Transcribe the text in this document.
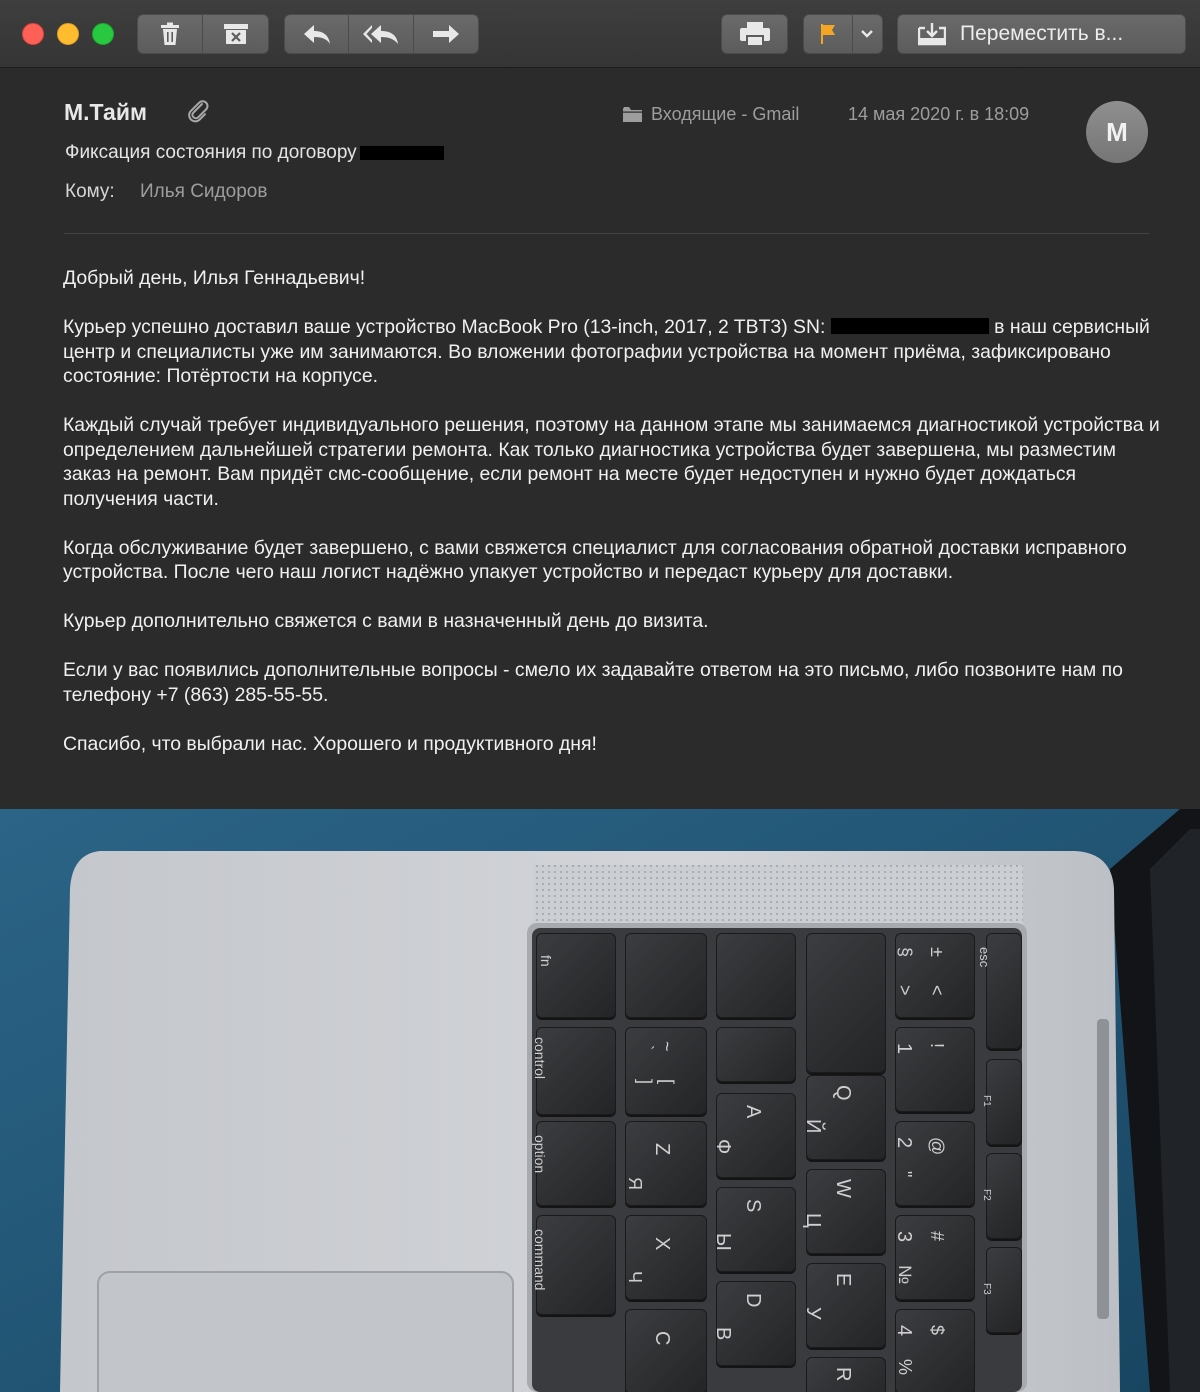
Переместить в...
М.Тайм
Фиксация состояния по договору
Кому: Илья Сидоров
Входящие - Gmail	14 мая 2020 г. в 18:09
М

Добрый день, Илья Геннадьевич!

Курьер успешно доставил ваше устройство MacBook Pro (13-inch, 2017, 2 TBT3) SN:	в наш сервисный центр и специалисты уже им занимаются. Во вложении фотографии устройства на момент приёма, зафиксировано состояние: Потёртости на корпусе.

Каждый случай требует индивидуального решения, поэтому на данном этапе мы занимаемся диагностикой устройства и определением дальнейшей стратегии ремонта. Как только диагностика устройства будет завершена, мы разместим заказ на ремонт. Вам придёт смс-сообщение, если ремонт на месте будет недоступен и нужно будет дождаться получения части.

Когда обслуживание будет завершено, с вами свяжется специалист для согласования обратной доставки исправного устройства. После чего наш логист надёжно упакует устройство и передаст курьеру для доставки.

Курьер дополнительно свяжется с вами в назначенный день до визита.

Если у вас появились дополнительные вопросы - смело их задавайте ответом на это письмо, либо позвоните нам по телефону +7 (863) 285-55-55.

Спасибо, что выбрали нас. Хорошего и продуктивного дня!

fn
control
option
command
~
`
[
]
Z
Я
X
Ч
C
A
Ф
S
Ы
D
В
Q
Й
W
Ц
E
У
R
±
§
<
>
!
1
@
2
"
#
3
№
$
4
%
esc
F1
F2
F3
